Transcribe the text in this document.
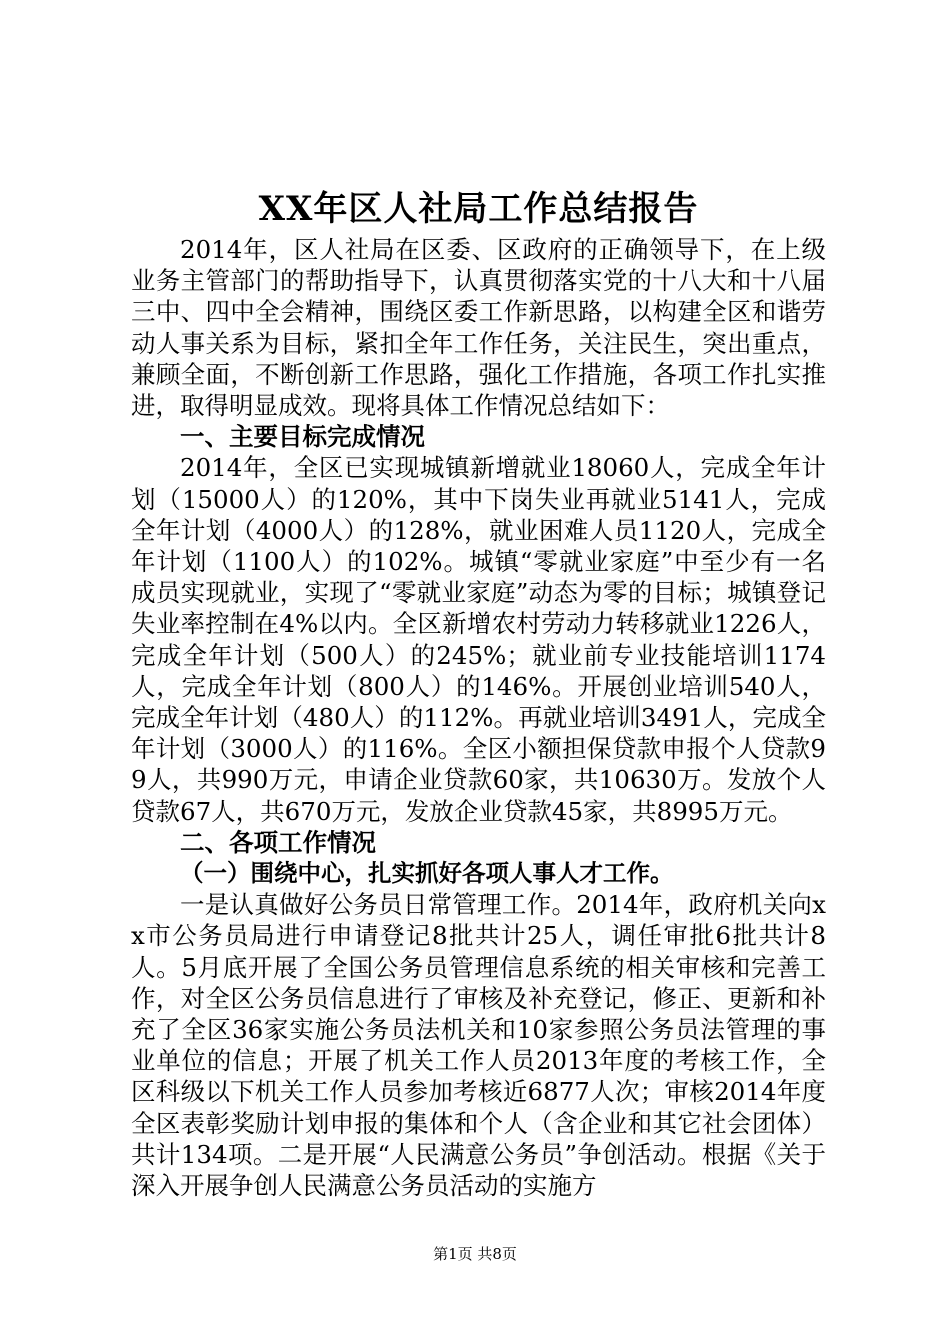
XX年区人社局工作总结报告

2014年，区人社局在区委、区政府的正确领导下，在上级业务主管部门的帮助指导下，认真贯彻落实党的十八大和十八届三中、四中全会精神，围绕区委工作新思路，以构建全区和谐劳动人事关系为目标，紧扣全年工作任务，关注民生，突出重点，兼顾全面，不断创新工作思路，强化工作措施，各项工作扎实推进，取得明显成效。现将具体工作情况总结如下：

一、主要目标完成情况

2014年，全区已实现城镇新增就业18060人，完成全年计划（15000人）的120%，其中下岗失业再就业5141人，完成全年计划（4000人）的128%，就业困难人员1120人，完成全年计划（1100人）的102%。城镇“零就业家庭”中至少有一名成员实现就业，实现了“零就业家庭”动态为零的目标；城镇登记失业率控制在4%以内。全区新增农村劳动力转移就业1226人，完成全年计划（500人）的245%；就业前专业技能培训1174人，完成全年计划（800人）的146%。开展创业培训540人，完成全年计划（480人）的112%。再就业培训3491人，完成全年计划（3000人）的116%。全区小额担保贷款申报个人贷款99人，共990万元，申请企业贷款60家，共10630万。发放个人贷款67人，共670万元，发放企业贷款45家，共8995万元。

二、各项工作情况

（一）围绕中心，扎实抓好各项人事人才工作。

一是认真做好公务员日常管理工作。2014年，政府机关向xx市公务员局进行申请登记8批共计25人，调任审批6批共计8人。5月底开展了全国公务员管理信息系统的相关审核和完善工作，对全区公务员信息进行了审核及补充登记，修正、更新和补充了全区36家实施公务员法机关和10家参照公务员法管理的事业单位的信息；开展了机关工作人员2013年度的考核工作，全区科级以下机关工作人员参加考核近6877人次；审核2014年度全区表彰奖励计划申报的集体和个人（含企业和其它社会团体）共计134项。二是开展“人民满意公务员”争创活动。根据《关于深入开展争创人民满意公务员活动的实施方

第1页 共8页
